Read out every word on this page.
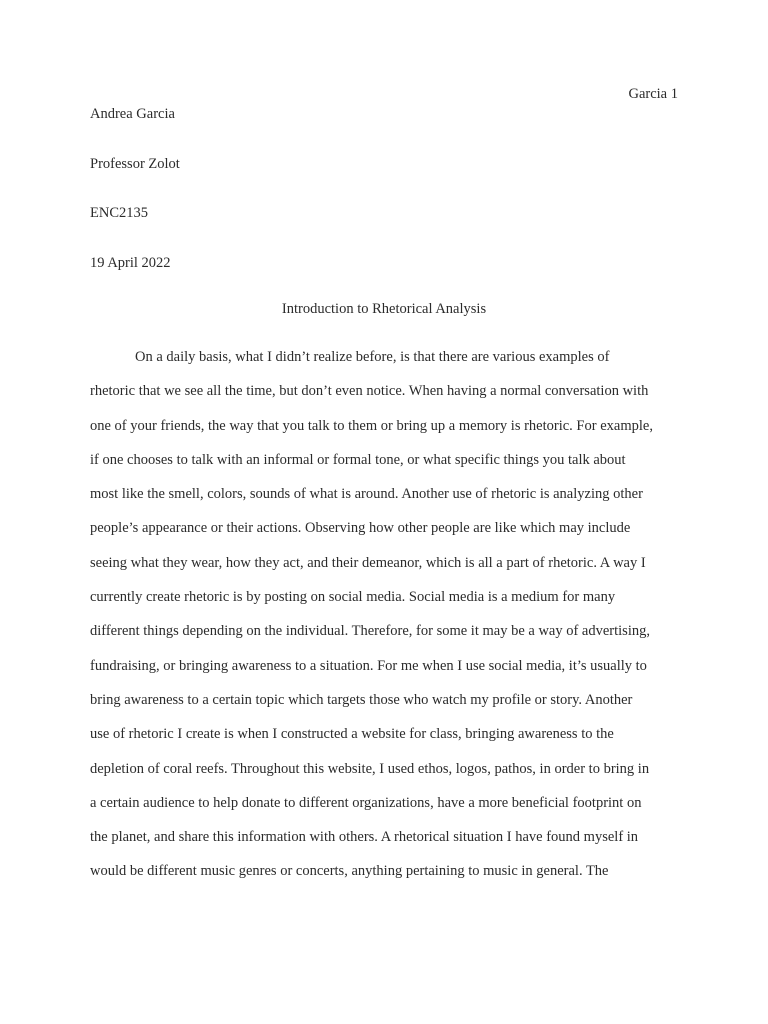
Garcia 1
Andrea Garcia
Professor Zolot
ENC2135
19 April 2022
Introduction to Rhetorical Analysis
On a daily basis, what I didn’t realize before, is that there are various examples of
rhetoric that we see all the time, but don’t even notice. When having a normal conversation with
one of your friends, the way that you talk to them or bring up a memory is rhetoric. For example,
if one chooses to talk with an informal or formal tone, or what specific things you talk about
most like the smell, colors, sounds of what is around. Another use of rhetoric is analyzing other
people’s appearance or their actions. Observing how other people are like which may include
seeing what they wear, how they act, and their demeanor, which is all a part of rhetoric. A way I
currently create rhetoric is by posting on social media. Social media is a medium for many
different things depending on the individual. Therefore, for some it may be a way of advertising,
fundraising, or bringing awareness to a situation. For me when I use social media, it’s usually to
bring awareness to a certain topic which targets those who watch my profile or story. Another
use of rhetoric I create is when I constructed a website for class, bringing awareness to the
depletion of coral reefs. Throughout this website, I used ethos, logos, pathos, in order to bring in
a certain audience to help donate to different organizations, have a more beneficial footprint on
the planet, and share this information with others. A rhetorical situation I have found myself in
would be different music genres or concerts, anything pertaining to music in general. The
